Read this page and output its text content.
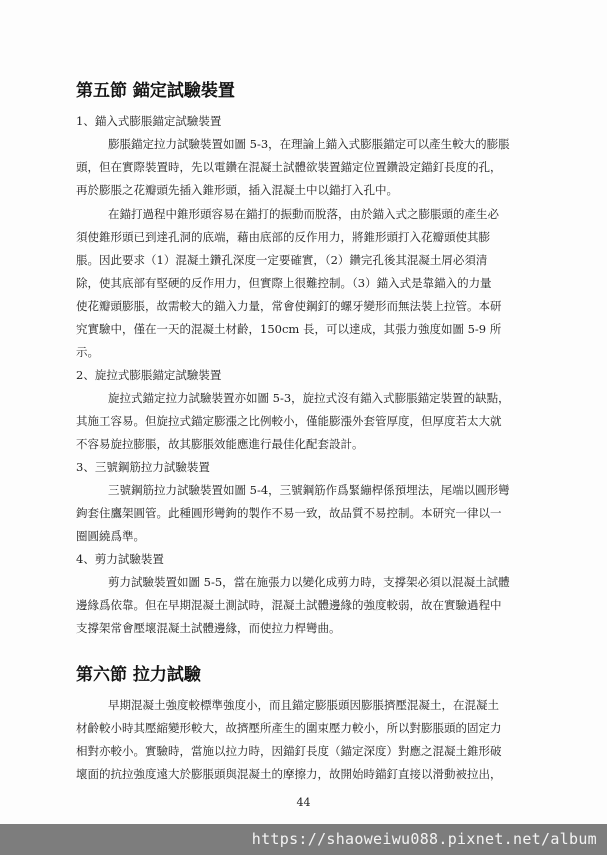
第五節 錨定試驗裝置

1、錨入式膨脹錨定試驗裝置

膨脹錨定拉力試驗裝置如圖 5-3，在理論上錨入式膨脹錨定可以產生較大的膨脹

頭，但在實際裝置時，先以電鑽在混凝土試體欲裝置錨定位置鑽設定錨釘長度的孔，

再於膨脹之花瓣頭先插入錐形頭，插入混凝土中以錨打入孔中。

在錨打過程中錐形頭容易在錨打的振動而脫落，由於錨入式之膨脹頭的產生必

須使錐形頭已到達孔洞的底端，藉由底部的反作用力，將錐形頭打入花瓣頭使其膨

脹。因此要求（1）混凝土鑽孔深度一定要確實，（2）鑽完孔後其混凝土屑必須清

除，使其底部有堅硬的反作用力，但實際上很難控制。（3）錨入式是靠錨入的力量

使花瓣頭膨脹，故需較大的錨入力量，常會使鋼釘的螺牙變形而無法裝上拉管。本研

究實驗中，僅在一天的混凝土材齡，150cm 長，可以達成，其張力強度如圖 5-9 所

示。

2、旋拉式膨脹錨定試驗裝置

旋拉式錨定拉力試驗裝置亦如圖 5-3，旋拉式沒有錨入式膨脹錨定裝置的缺點，

其施工容易。但旋拉式錨定膨漲之比例較小，僅能膨漲外套管厚度，但厚度若太大就

不容易旋拉膨脹，故其膨脹效能應進行最佳化配套設計。

3、三號鋼筋拉力試驗裝置

三號鋼筋拉力試驗裝置如圖 5-4，三號鋼筋作爲緊繃桿係預埋法，尾端以圓形彎

鉤套住鷹架圓管。此種圓形彎鉤的製作不易一致，故品質不易控制。本研究一律以一

圈圓繞爲準。

4、剪力試驗裝置

剪力試驗裝置如圖 5-5，當在施張力以變化成剪力時，支撐架必須以混凝土試體

邊緣爲依靠。但在早期混凝土測試時，混凝土試體邊緣的強度較弱，故在實驗過程中

支撐架常會壓壞混凝土試體邊緣，而使拉力桿彎曲。

第六節 拉力試驗

早期混凝土強度較標準強度小，而且錨定膨脹頭因膨脹擠壓混凝土，在混凝土

材齡較小時其壓縮變形較大，故擠壓所產生的圍束壓力較小，所以對膨脹頭的固定力

相對亦較小。實驗時，當施以拉力時，因錨釘長度（錨定深度）對應之混凝土錐形破

壞面的抗拉強度遠大於膨脹頭與混凝土的摩擦力，故開始時錨釘直接以滑動被拉出，

44

https://shaoweiwu088.pixnet.net/album
